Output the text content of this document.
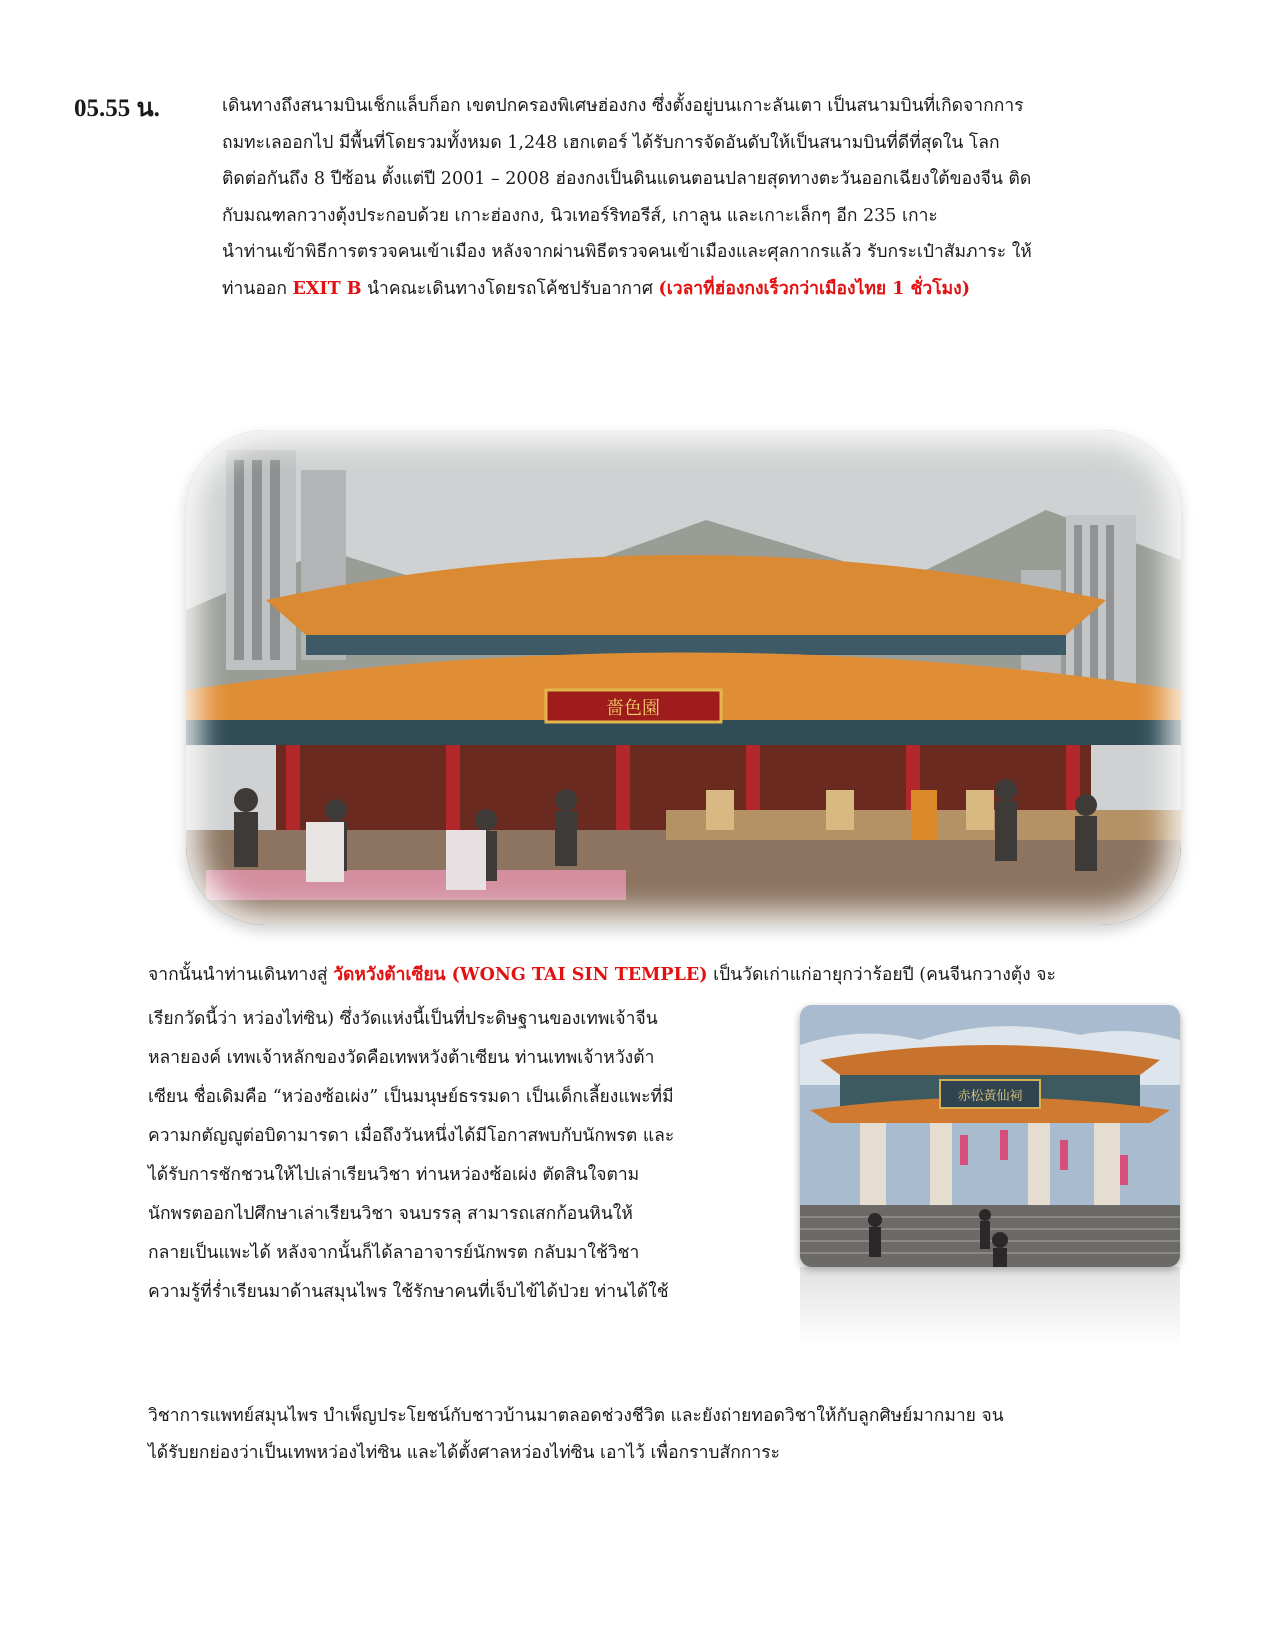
05.55 น.	เดินทางถึงสนามบินเช็กแล็บก็อก เขตปกครองพิเศษฮ่องกง ซึ่งตั้งอยู่บนเกาะลันเตา เป็นสนามบินที่เกิดจากการ
ถมทะเลออกไป มีพื้นที่โดยรวมทั้งหมด 1,248 เฮกเตอร์ ได้รับการจัดอันดับให้เป็นสนามบินที่ดีที่สุดใน โลก
ติดต่อกันถึง 8 ปีซ้อน ตั้งแต่ปี 2001 – 2008 ฮ่องกงเป็นดินแดนตอนปลายสุดทางตะวันออกเฉียงใต้ของจีน ติด
กับมณฑลกวางตุ้งประกอบด้วย เกาะฮ่องกง, นิวเทอร์ริทอรีส์, เกาลูน และเกาะเล็กๆ อีก 235 เกาะ
นำท่านเข้าพิธีการตรวจคนเข้าเมือง หลังจากผ่านพิธีตรวจคนเข้าเมืองและศุลกากรแล้ว รับกระเป๋าสัมภาระ ให้
ท่านออก EXIT B นำคณะเดินทางโดยรถโค้ชปรับอากาศ (เวลาที่ฮ่องกงเร็วกว่าเมืองไทย 1 ชั่วโมง)
嗇色園
จากนั้นนำท่านเดินทางสู่ วัดหวังต้าเซียน (WONG TAI SIN TEMPLE) เป็นวัดเก่าแก่อายุกว่าร้อยปี (คนจีนกวางตุ้ง จะ
เรียกวัดนี้ว่า หว่องไท่ซิน) ซึ่งวัดแห่งนี้เป็นที่ประดิษฐานของเทพเจ้าจีน
หลายองค์ เทพเจ้าหลักของวัดคือเทพหวังต้าเซียน ท่านเทพเจ้าหวังต้า
เซียน ชื่อเดิมคือ “หว่องซ้อเผ่ง” เป็นมนุษย์ธรรมดา เป็นเด็กเลี้ยงแพะที่มี
ความกตัญญูต่อบิดามารดา เมื่อถึงวันหนึ่งได้มีโอกาสพบกับนักพรต และ
ได้รับการชักชวนให้ไปเล่าเรียนวิชา ท่านหว่องซ้อเผ่ง ตัดสินใจตาม
นักพรตออกไปศึกษาเล่าเรียนวิชา จนบรรลุ สามารถเสกก้อนหินให้
กลายเป็นแพะได้ หลังจากนั้นก็ได้ลาอาจารย์นักพรต กลับมาใช้วิชา
ความรู้ที่ร่ำเรียนมาด้านสมุนไพร ใช้รักษาคนที่เจ็บไข้ได้ป่วย ท่านได้ใช้
赤松黃仙祠
วิชาการแพทย์สมุนไพร บำเพ็ญประโยชน์กับชาวบ้านมาตลอดช่วงชีวิต และยังถ่ายทอดวิชาให้กับลูกศิษย์มากมาย จน
ได้รับยกย่องว่าเป็นเทพหว่องไท่ซิน และได้ตั้งศาลหว่องไท่ซิน เอาไว้ เพื่อกราบสักการะ
